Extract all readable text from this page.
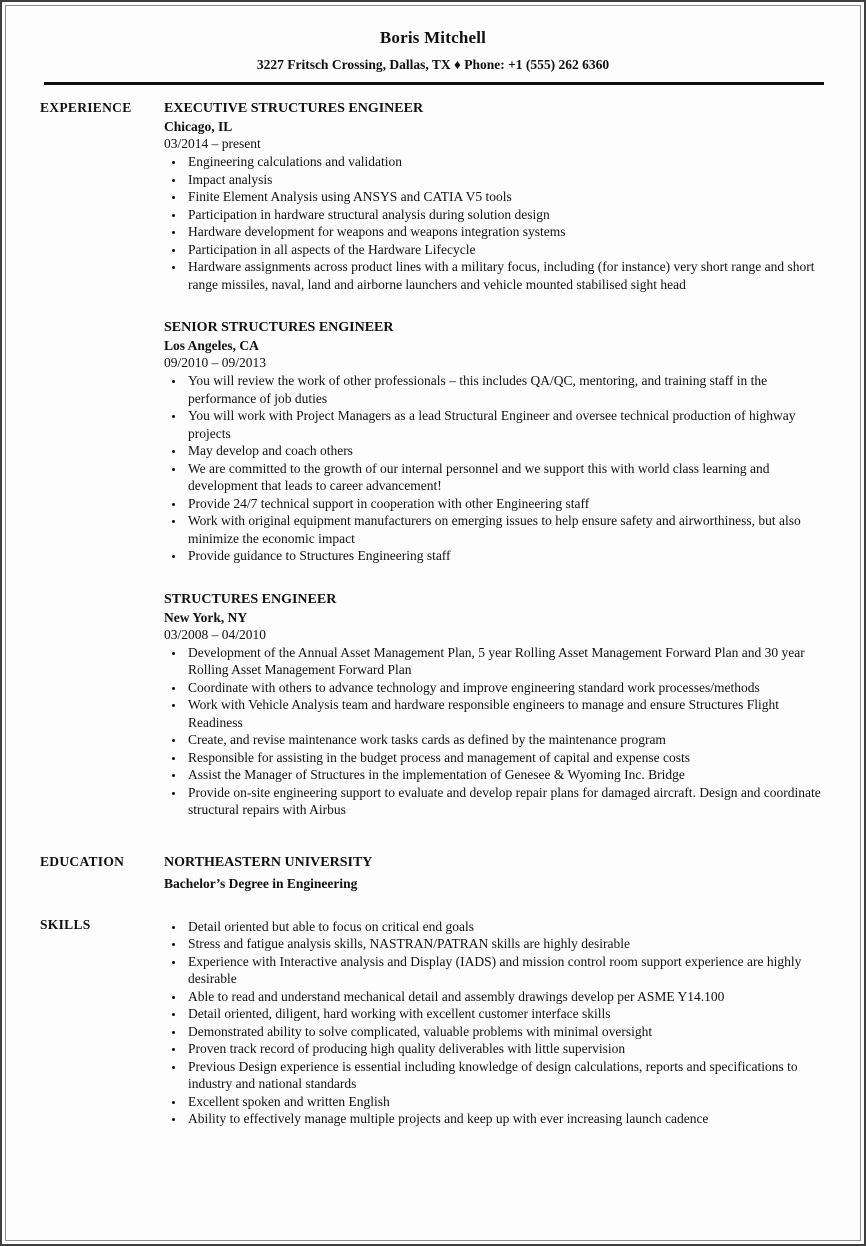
Boris Mitchell
3227 Fritsch Crossing, Dallas, TX ♦ Phone: +1 (555) 262 6360
EXPERIENCE	EXECUTIVE STRUCTURES ENGINEER
Chicago, IL
03/2014 – present
• Engineering calculations and validation
• Impact analysis
• Finite Element Analysis using ANSYS and CATIA V5 tools
• Participation in hardware structural analysis during solution design
• Hardware development for weapons and weapons integration systems
• Participation in all aspects of the Hardware Lifecycle
• Hardware assignments across product lines with a military focus, including (for instance) very short range and short range missiles, naval, land and airborne launchers and vehicle mounted stabilised sight head
SENIOR STRUCTURES ENGINEER
Los Angeles, CA
09/2010 – 09/2013
• You will review the work of other professionals – this includes QA/QC, mentoring, and training staff in the performance of job duties
• You will work with Project Managers as a lead Structural Engineer and oversee technical production of highway projects
• May develop and coach others
• We are committed to the growth of our internal personnel and we support this with world class learning and development that leads to career advancement!
• Provide 24/7 technical support in cooperation with other Engineering staff
• Work with original equipment manufacturers on emerging issues to help ensure safety and airworthiness, but also minimize the economic impact
• Provide guidance to Structures Engineering staff
STRUCTURES ENGINEER
New York, NY
03/2008 – 04/2010
• Development of the Annual Asset Management Plan, 5 year Rolling Asset Management Forward Plan and 30 year Rolling Asset Management Forward Plan
• Coordinate with others to advance technology and improve engineering standard work processes/methods
• Work with Vehicle Analysis team and hardware responsible engineers to manage and ensure Structures Flight Readiness
• Create, and revise maintenance work tasks cards as defined by the maintenance program
• Responsible for assisting in the budget process and management of capital and expense costs
• Assist the Manager of Structures in the implementation of Genesee & Wyoming Inc. Bridge
• Provide on-site engineering support to evaluate and develop repair plans for damaged aircraft. Design and coordinate structural repairs with Airbus
EDUCATION	NORTHEASTERN UNIVERSITY
Bachelor’s Degree in Engineering
SKILLS	• Detail oriented but able to focus on critical end goals
• Stress and fatigue analysis skills, NASTRAN/PATRAN skills are highly desirable
• Experience with Interactive analysis and Display (IADS) and mission control room support experience are highly desirable
• Able to read and understand mechanical detail and assembly drawings develop per ASME Y14.100
• Detail oriented, diligent, hard working with excellent customer interface skills
• Demonstrated ability to solve complicated, valuable problems with minimal oversight
• Proven track record of producing high quality deliverables with little supervision
• Previous Design experience is essential including knowledge of design calculations, reports and specifications to industry and national standards
• Excellent spoken and written English
• Ability to effectively manage multiple projects and keep up with ever increasing launch cadence
